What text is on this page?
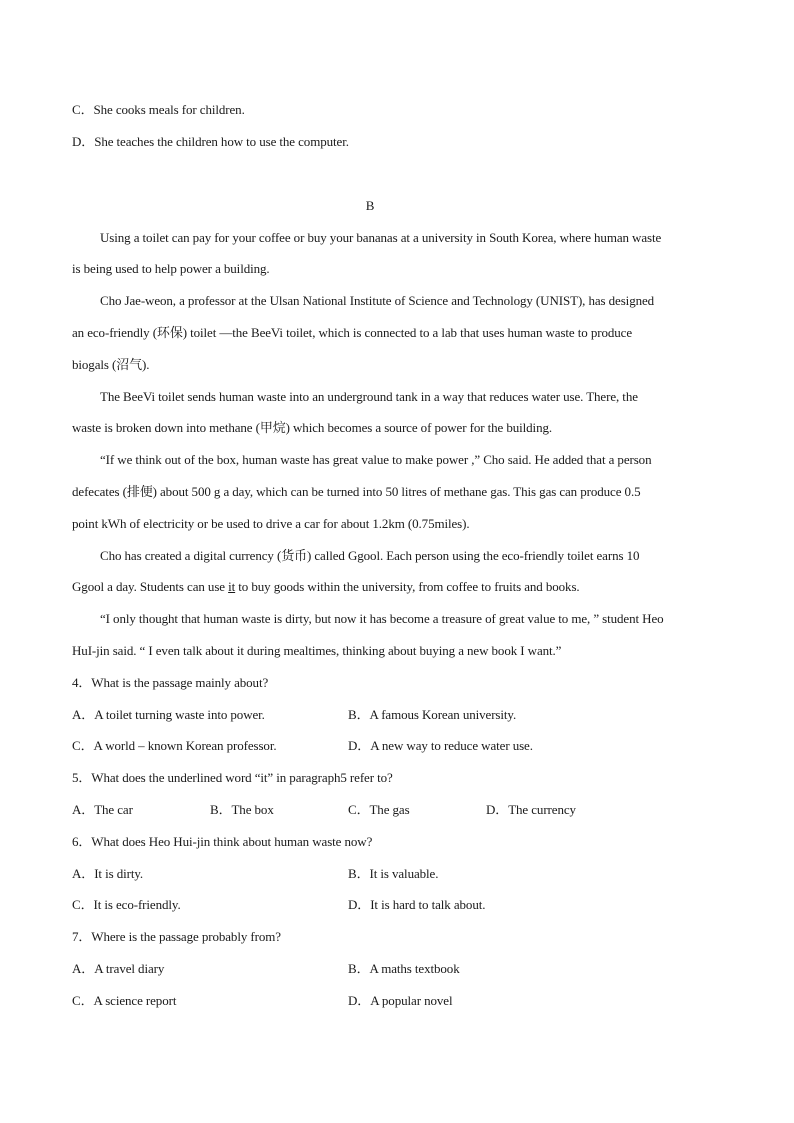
C．She cooks meals for children.
D．She teaches the children how to use the computer.
B
Using a toilet can pay for your coffee or buy your bananas at a university in South Korea, where human waste
is being used to help power a building.
Cho Jae-weon, a professor at the Ulsan National Institute of Science and Technology (UNIST), has designed
an eco-friendly (环保) toilet —the BeeVi toilet, which is connected to a lab that uses human waste to produce
biogals (沼气).
The BeeVi toilet sends human waste into an underground tank in a way that reduces water use. There, the
waste is broken down into methane (甲烷) which becomes a source of power for the building.
“If we think out of the box, human waste has great value to make power ,” Cho said. He added that a person
defecates (排便) about 500 g a day, which can be turned into 50 litres of methane gas. This gas can produce 0.5
point kWh of electricity or be used to drive a car for about 1.2km (0.75miles).
Cho has created a digital currency (货币) called Ggool. Each person using the eco-friendly toilet earns 10
Ggool a day. Students can use it to buy goods within the university, from coffee to fruits and books.
“I only thought that human waste is dirty, but now it has become a treasure of great value to me, ” student Heo
HuI-jin said. “ I even talk about it during mealtimes, thinking about buying a new book I want.”
4．What is the passage mainly about?
A．A toilet turning waste into power.	B．A famous Korean university.
C．A world – known Korean professor.	D．A new way to reduce water use.
5．What does the underlined word “it” in paragraph5 refer to?
A．The car	B．The box	C．The gas	D．The currency
6．What does Heo Hui-jin think about human waste now?
A．It is dirty.	B．It is valuable.
C．It is eco-friendly.	D．It is hard to talk about.
7．Where is the passage probably from?
A．A travel diary	B．A maths textbook
C．A science report	D．A popular novel
